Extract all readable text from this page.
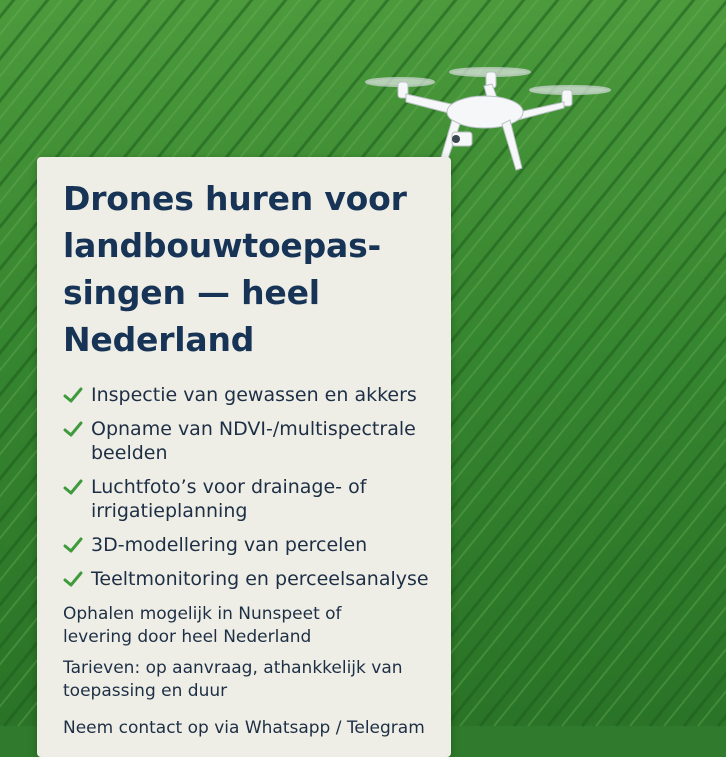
Drones huren voor
landbouwtoepas-
singen — heel
Nederland
Inspectie van gewassen en akkers
Opname van NDVI-/multispectrale
beelden
Luchtfoto’s voor drainage- of
irrigatieplanning
3D-modellering van percelen
Teeltmonitoring en perceelsanalyse

Ophalen mogelijk in Nunspeet of
levering door heel Nederland

Tarieven: op aanvraag, athankkelijk van
toepassing en duur

Neem contact op via Whatsapp / Telegram
